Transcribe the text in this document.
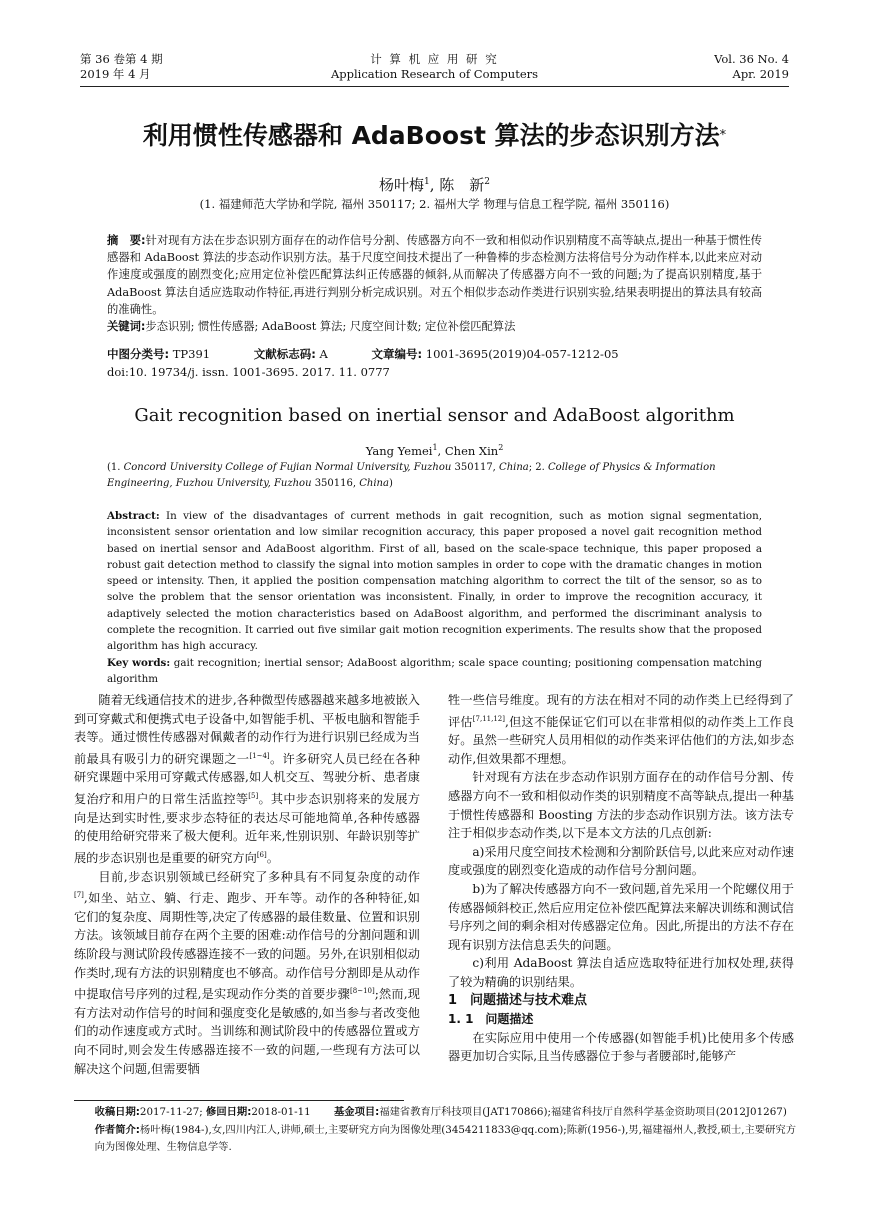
第 36 卷第 4 期
2019 年 4 月
计 算 机 应 用 研 究
Application Research of Computers
Vol. 36 No. 4
Apr. 2019
利用惯性传感器和 AdaBoost 算法的步态识别方法*
杨叶梅$^1$, 陈　新$^2$
(1. 福建师范大学协和学院, 福州 350117; 2. 福州大学 物理与信息工程学院, 福州 350116)
摘　要:针对现有方法在步态识别方面存在的动作信号分割、传感器方向不一致和相似动作识别精度不高等缺点,提出一种基于惯性传感器和 AdaBoost 算法的步态动作识别方法。基于尺度空间技术提出了一种鲁棒的步态检测方法将信号分为动作样本,以此来应对动作速度或强度的剧烈变化;应用定位补偿匹配算法纠正传感器的倾斜,从而解决了传感器方向不一致的问题;为了提高识别精度,基于 AdaBoost 算法自适应选取动作特征,再进行判别分析完成识别。对五个相似步态动作类进行识别实验,结果表明提出的算法具有较高的准确性。
关键词:步态识别; 惯性传感器; AdaBoost 算法; 尺度空间计数; 定位补偿匹配算法
中图分类号: TP391	文献标志码: A	文章编号: 1001-3695(2019)04-057-1212-05
doi:10. 19734/j. issn. 1001-3695. 2017. 11. 0777
Gait recognition based on inertial sensor and AdaBoost algorithm
Yang Yemei$^1$, Chen Xin$^2$
(1. Concord University College of Fujian Normal University, Fuzhou 350117, China; 2. College of Physics & Information Engineering, Fuzhou University, Fuzhou 350116, China)
Abstract: In view of the disadvantages of current methods in gait recognition, such as motion signal segmentation, inconsistent sensor orientation and low similar recognition accuracy, this paper proposed a novel gait recognition method based on inertial sensor and AdaBoost algorithm. First of all, based on the scale-space technique, this paper proposed a robust gait detection method to classify the signal into motion samples in order to cope with the dramatic changes in motion speed or intensity. Then, it applied the position compensation matching algorithm to correct the tilt of the sensor, so as to solve the problem that the sensor orientation was inconsistent. Finally, in order to improve the recognition accuracy, it adaptively selected the motion characteristics based on AdaBoost algorithm, and performed the discriminant analysis to complete the recognition. It carried out five similar gait motion recognition experiments. The results show that the proposed algorithm has high accuracy.
Key words: gait recognition; inertial sensor; AdaBoost algorithm; scale space counting; positioning compensation matching algorithm

随着无线通信技术的进步,各种微型传感器越来越多地被嵌入到可穿戴式和便携式电子设备中,如智能手机、平板电脑和智能手表等。通过惯性传感器对佩戴者的动作行为进行识别已经成为当前最具有吸引力的研究课题之一[1~4]。许多研究人员已经在各种研究课题中采用可穿戴式传感器,如人机交互、驾驶分析、患者康复治疗和用户的日常生活监控等[5]。其中步态识别将来的发展方向是达到实时性,要求步态特征的表达尽可能地简单,各种传感器的使用给研究带来了极大便利。近年来,性别识别、年龄识别等扩展的步态识别也是重要的研究方向[6]。

目前,步态识别领域已经研究了多种具有不同复杂度的动作[7],如坐、站立、躺、行走、跑步、开车等。动作的各种特征,如它们的复杂度、周期性等,决定了传感器的最佳数量、位置和识别方法。该领域目前存在两个主要的困难:动作信号的分割问题和训练阶段与测试阶段传感器连接不一致的问题。另外,在识别相似动作类时,现有方法的识别精度也不够高。动作信号分割即是从动作中提取信号序列的过程,是实现动作分类的首要步骤[8~10];然而,现有方法对动作信号的时间和强度变化是敏感的,如当参与者改变他们的动作速度或方式时。当训练和测试阶段中的传感器位置或方向不同时,则会发生传感器连接不一致的问题,一些现有方法可以解决这个问题,但需要牺

牲一些信号维度。现有的方法在相对不同的动作类上已经得到了评估[7,11,12],但这不能保证它们可以在非常相似的动作类上工作良好。虽然一些研究人员用相似的动作类来评估他们的方法,如步态动作,但效果都不理想。

针对现有方法在步态动作识别方面存在的动作信号分割、传感器方向不一致和相似动作类的识别精度不高等缺点,提出一种基于惯性传感器和 Boosting 方法的步态动作识别方法。该方法专注于相似步态动作类,以下是本文方法的几点创新:

a)采用尺度空间技术检测和分割阶跃信号,以此来应对动作速度或强度的剧烈变化造成的动作信号分割问题。

b)为了解决传感器方向不一致问题,首先采用一个陀螺仪用于传感器倾斜校正,然后应用定位补偿匹配算法来解决训练和测试信号序列之间的剩余相对传感器定位角。因此,所提出的方法不存在现有识别方法信息丢失的问题。

c)利用 AdaBoost 算法自适应选取特征进行加权处理,获得了较为精确的识别结果。

1　问题描述与技术难点

1. 1　问题描述

在实际应用中使用一个传感器(如智能手机)比使用多个传感器更加切合实际,且当传感器位于参与者腰部时,能够产

收稿日期:2017-11-27; 修回日期:2018-01-11 基金项目:福建省教育厅科技项目(JAT170866);福建省科技厅自然科学基金资助项目(2012J01267)
作者简介:杨叶梅(1984-),女,四川内江人,讲师,硕士,主要研究方向为图像处理(3454211833@qq.com);陈新(1956-),男,福建福州人,教授,硕士,主要研究方向为图像处理、生物信息学等.
